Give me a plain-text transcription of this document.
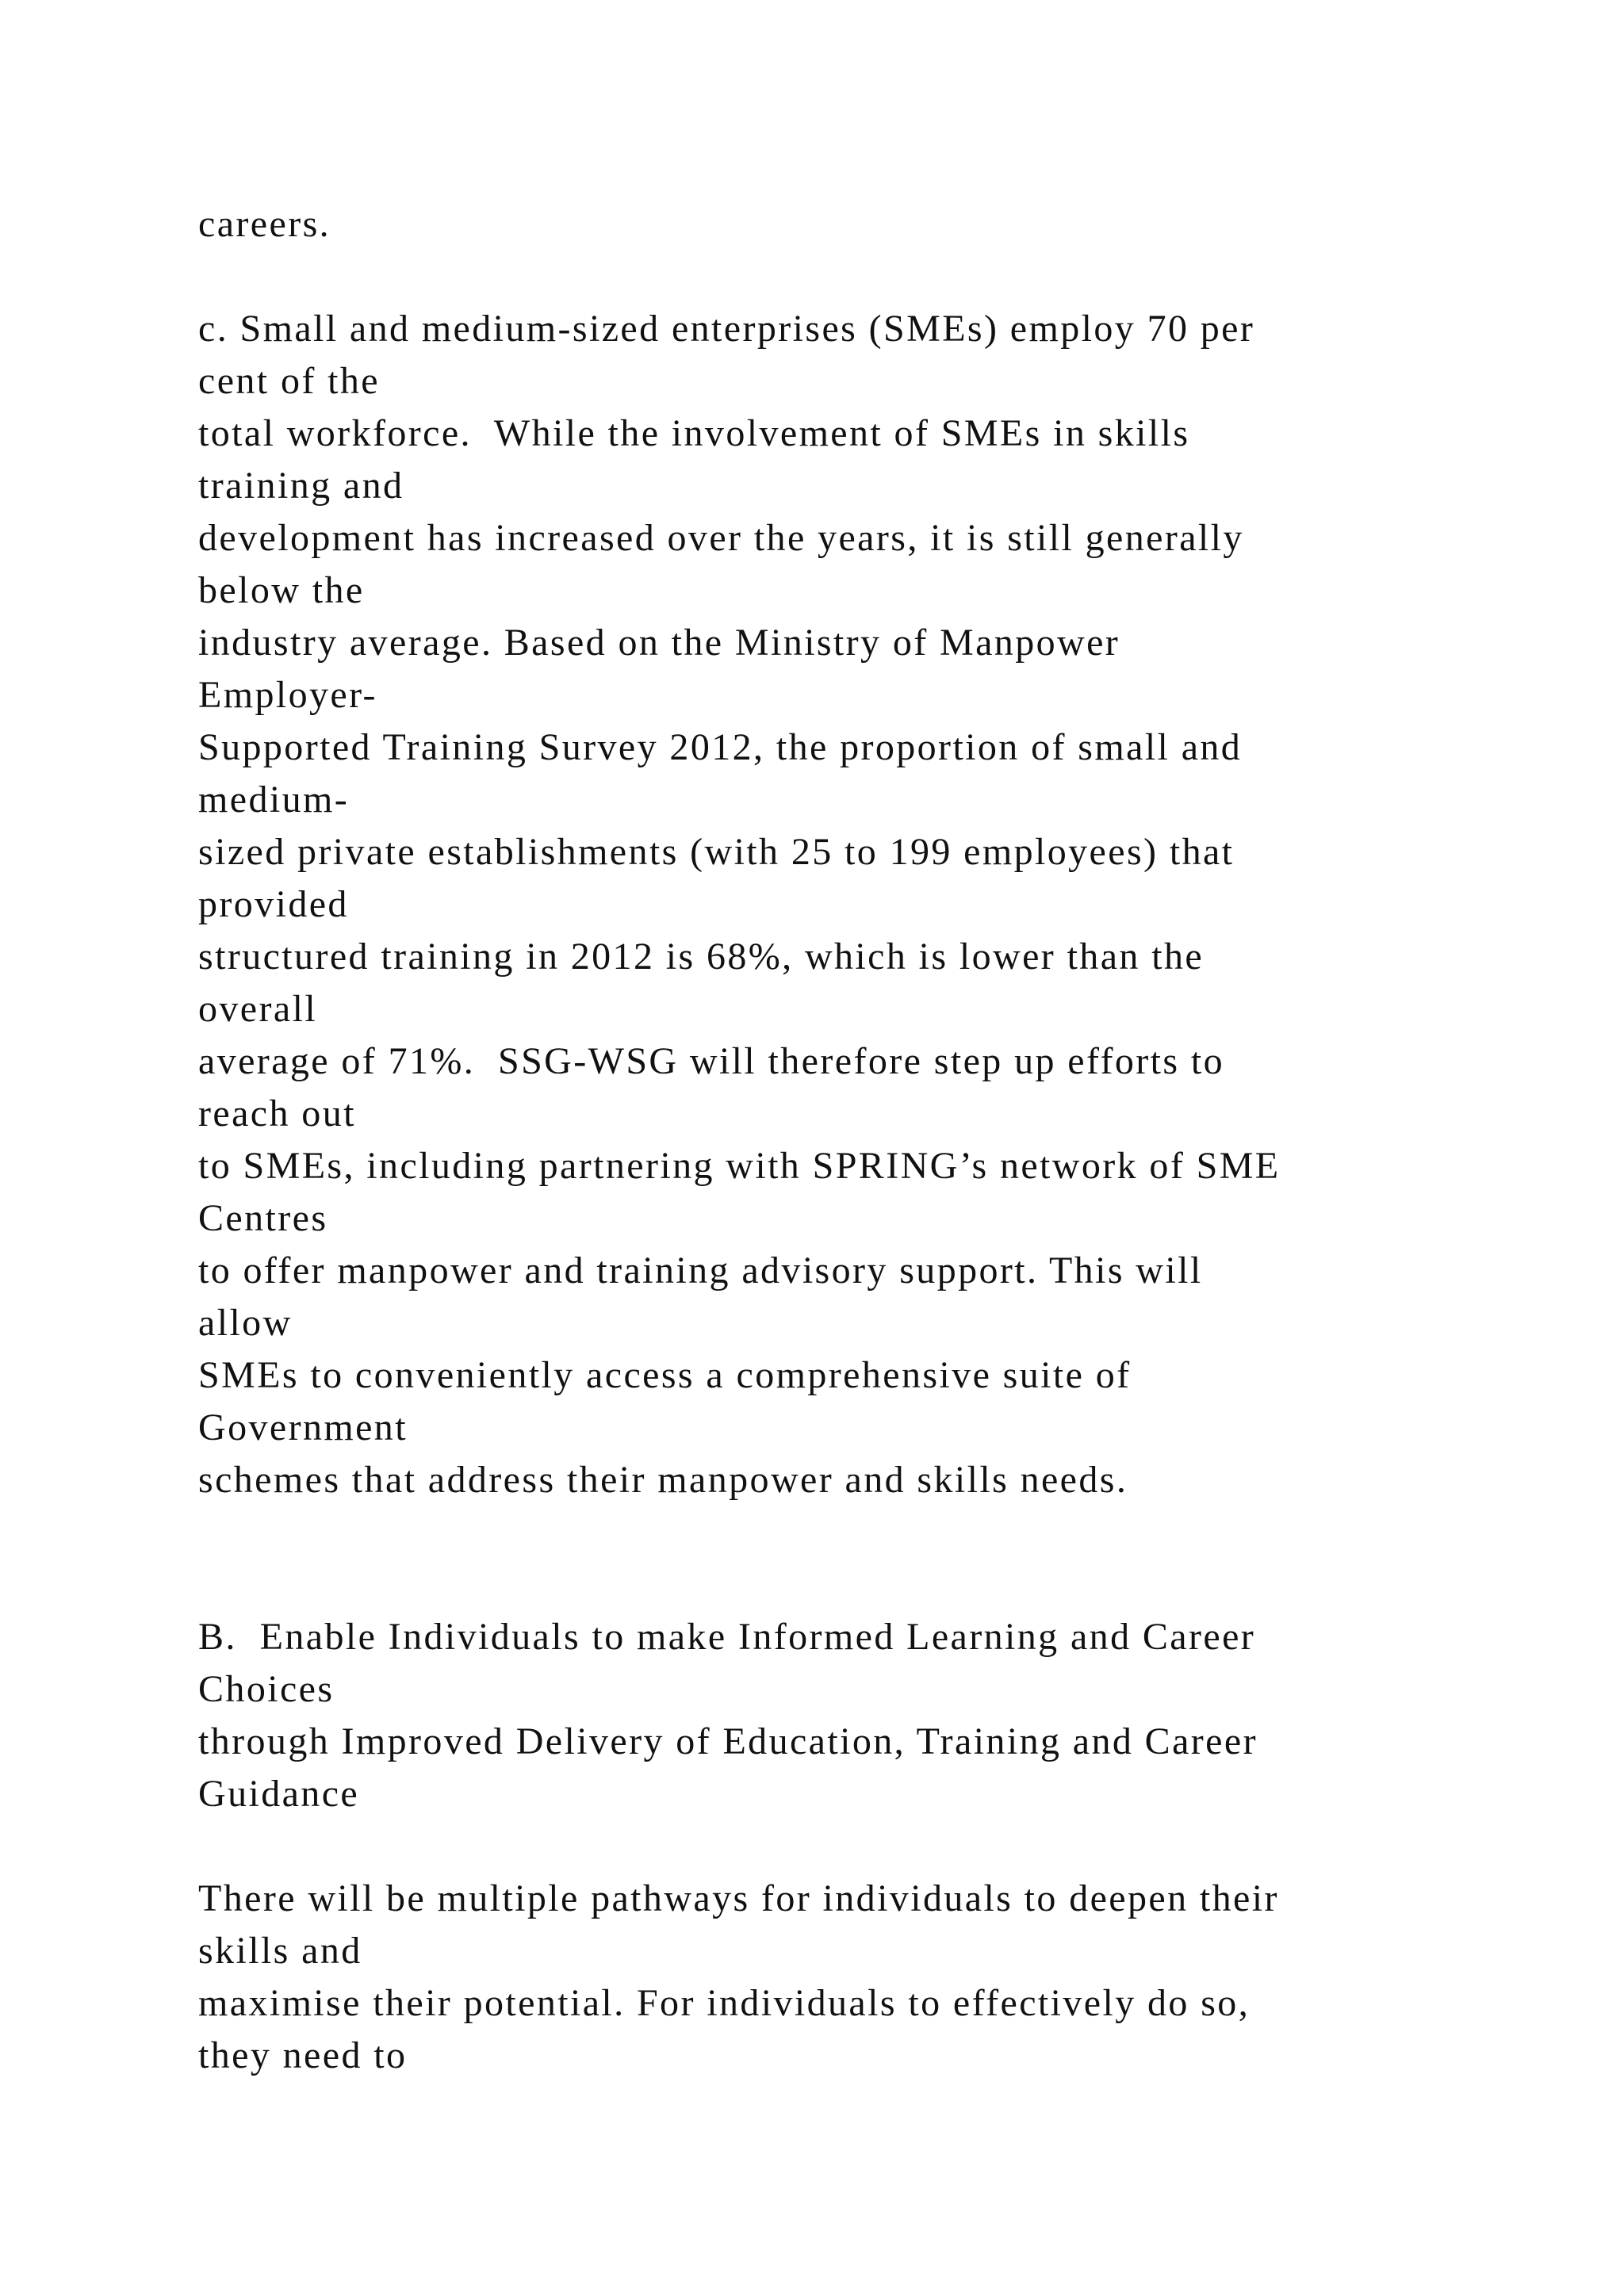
careers.
c. Small and medium-sized enterprises (SMEs) employ 70 per
cent of the
total workforce.  While the involvement of SMEs in skills
training and
development has increased over the years, it is still generally
below the
industry average. Based on the Ministry of Manpower
Employer-
Supported Training Survey 2012, the proportion of small and
medium-
sized private establishments (with 25 to 199 employees) that
provided
structured training in 2012 is 68%, which is lower than the
overall
average of 71%.  SSG-WSG will therefore step up efforts to
reach out
to SMEs, including partnering with SPRING’s network of SME
Centres
to offer manpower and training advisory support. This will
allow
SMEs to conveniently access a comprehensive suite of
Government
schemes that address their manpower and skills needs.
B.  Enable Individuals to make Informed Learning and Career
Choices
through Improved Delivery of Education, Training and Career
Guidance
There will be multiple pathways for individuals to deepen their
skills and
maximise their potential. For individuals to effectively do so,
they need to
